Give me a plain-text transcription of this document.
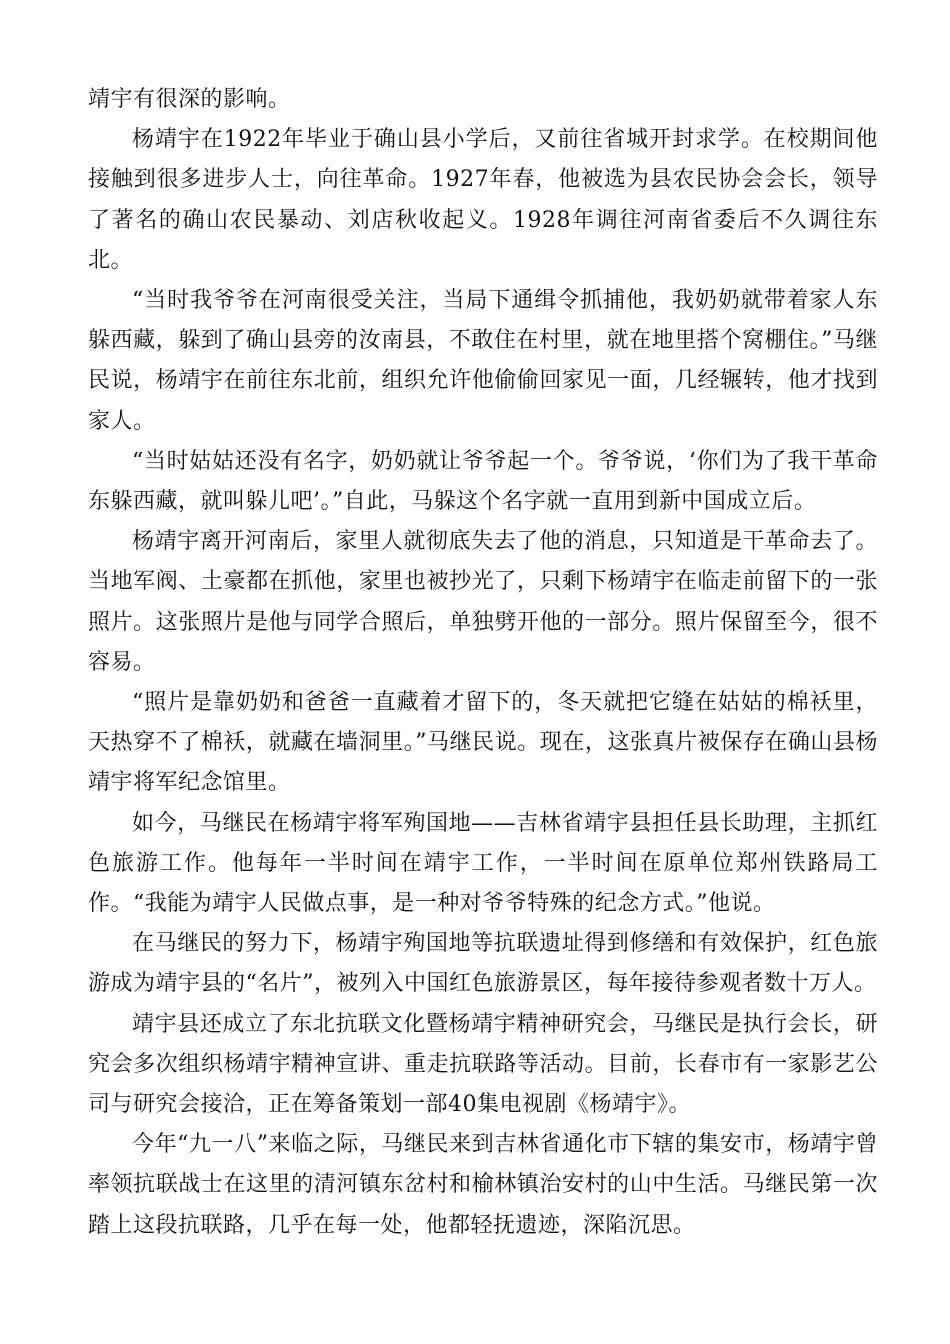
靖宇有很深的影响。

杨靖宇在1922年毕业于确山县小学后，又前往省城开封求学。在校期间他接触到很多进步人士，向往革命。1927年春，他被选为县农民协会会长，领导了著名的确山农民暴动、刘店秋收起义。1928年调往河南省委后不久调往东北。

“当时我爷爷在河南很受关注，当局下通缉令抓捕他，我奶奶就带着家人东躲西藏，躲到了确山县旁的汝南县，不敢住在村里，就在地里搭个窝棚住。”马继民说，杨靖宇在前往东北前，组织允许他偷偷回家见一面，几经辗转，他才找到家人。

“当时姑姑还没有名字，奶奶就让爷爷起一个。爷爷说，‘你们为了我干革命东躲西藏，就叫躲儿吧’。”自此，马躲这个名字就一直用到新中国成立后。

杨靖宇离开河南后，家里人就彻底失去了他的消息，只知道是干革命去了。当地军阀、土豪都在抓他，家里也被抄光了，只剩下杨靖宇在临走前留下的一张照片。这张照片是他与同学合照后，单独劈开他的一部分。照片保留至今，很不容易。

“照片是靠奶奶和爸爸一直藏着才留下的，冬天就把它缝在姑姑的棉袄里，天热穿不了棉袄，就藏在墙洞里。”马继民说。现在，这张真片被保存在确山县杨靖宇将军纪念馆里。

如今，马继民在杨靖宇将军殉国地——吉林省靖宇县担任县长助理，主抓红色旅游工作。他每年一半时间在靖宇工作，一半时间在原单位郑州铁路局工作。“我能为靖宇人民做点事，是一种对爷爷特殊的纪念方式。”他说。

在马继民的努力下，杨靖宇殉国地等抗联遗址得到修缮和有效保护，红色旅游成为靖宇县的“名片”，被列入中国红色旅游景区，每年接待参观者数十万人。

靖宇县还成立了东北抗联文化暨杨靖宇精神研究会，马继民是执行会长，研究会多次组织杨靖宇精神宣讲、重走抗联路等活动。目前，长春市有一家影艺公司与研究会接洽，正在筹备策划一部40集电视剧《杨靖宇》。

今年“九一八”来临之际，马继民来到吉林省通化市下辖的集安市，杨靖宇曾率领抗联战士在这里的清河镇东岔村和榆林镇治安村的山中生活。马继民第一次踏上这段抗联路，几乎在每一处，他都轻抚遗迹，深陷沉思。
